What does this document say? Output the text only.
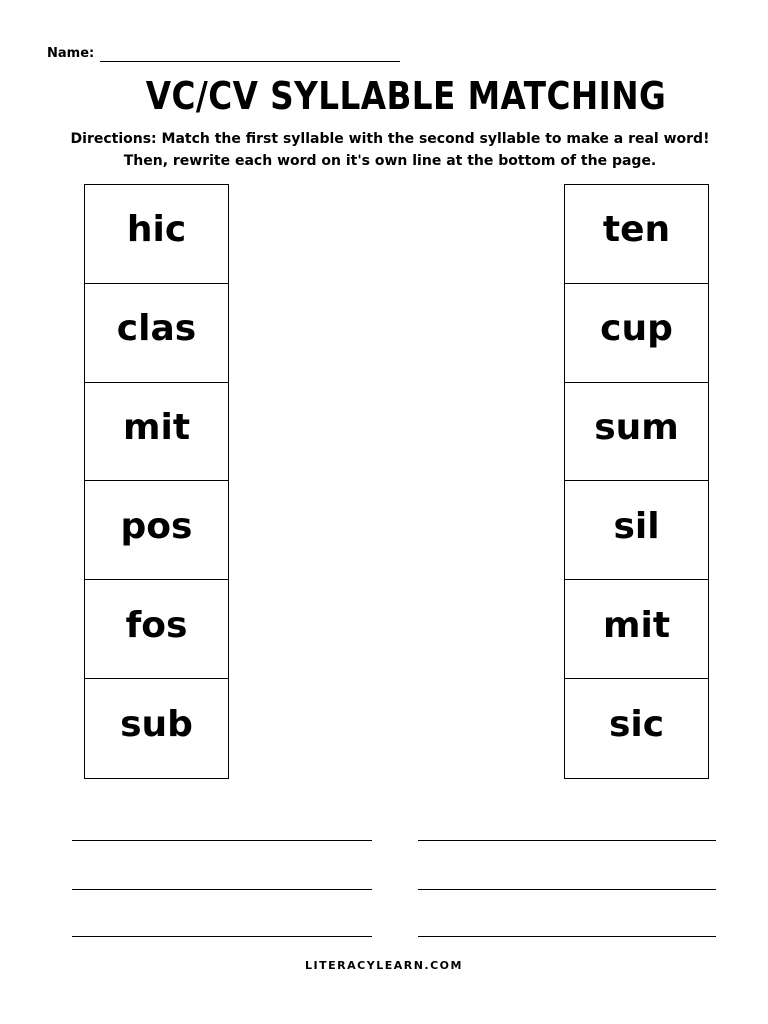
Name:
VC/CV SYLLABLE MATCHING
Directions: Match the first syllable with the second syllable to make a real word! Then, rewrite each word on it's own line at the bottom of the page.
hic
clas
mit
pos
fos
sub
ten
cup
sum
sil
mit
sic
LITERACYLEARN.COM
